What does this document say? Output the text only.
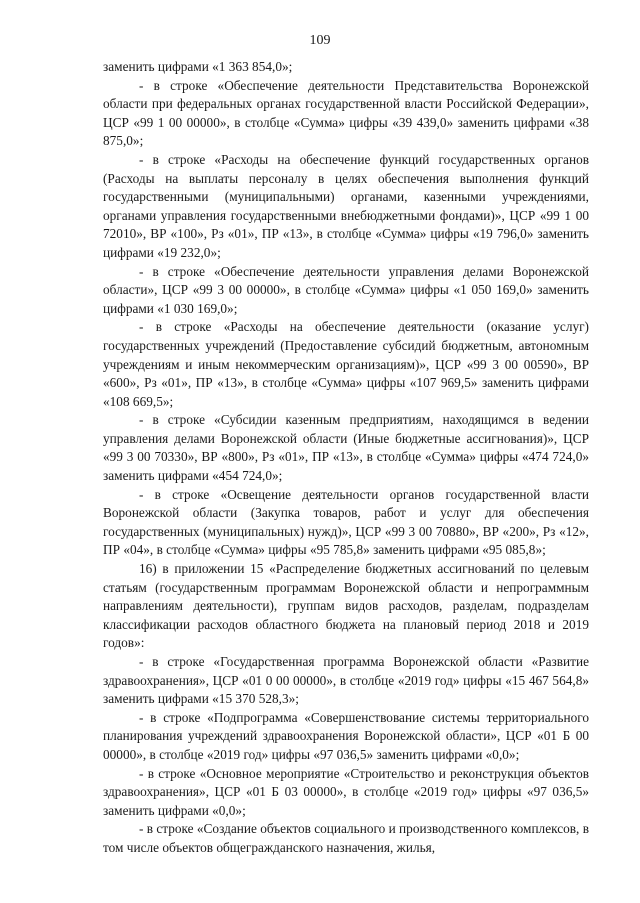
109

заменить цифрами «1 363 854,0»;

- в строке «Обеспечение деятельности Представительства Воронежской области при федеральных органах государственной власти Российской Федерации», ЦСР «99 1 00 00000», в столбце «Сумма» цифры «39 439,0» заменить цифрами «38 875,0»;

- в строке «Расходы на обеспечение функций государственных органов (Расходы на выплаты персоналу в целях обеспечения выполнения функций государственными (муниципальными) органами, казенными учреждениями, органами управления государственными внебюджетными фондами)», ЦСР «99 1 00 72010», ВР «100», Рз «01», ПР «13», в столбце «Сумма» цифры «19 796,0» заменить цифрами «19 232,0»;

- в строке «Обеспечение деятельности управления делами Воронежской области», ЦСР «99 3 00 00000», в столбце «Сумма» цифры «1 050 169,0» заменить цифрами «1 030 169,0»;

- в строке «Расходы на обеспечение деятельности (оказание услуг) государственных учреждений (Предоставление субсидий бюджетным, автономным учреждениям и иным некоммерческим организациям)», ЦСР «99 3 00 00590», ВР «600», Рз «01», ПР «13», в столбце «Сумма» цифры «107 969,5» заменить цифрами «108 669,5»;

- в строке «Субсидии казенным предприятиям, находящимся в ведении управления делами Воронежской области (Иные бюджетные ассигнования)», ЦСР «99 3 00 70330», ВР «800», Рз «01», ПР «13», в столбце «Сумма» цифры «474 724,0» заменить цифрами «454 724,0»;

- в строке «Освещение деятельности органов государственной власти Воронежской области (Закупка товаров, работ и услуг для обеспечения государственных (муниципальных) нужд)», ЦСР «99 3 00 70880», ВР «200», Рз «12», ПР «04», в столбце «Сумма» цифры «95 785,8» заменить цифрами «95 085,8»;

16) в приложении 15 «Распределение бюджетных ассигнований по целевым статьям (государственным программам Воронежской области и непрограммным направлениям деятельности), группам видов расходов, разделам, подразделам классификации расходов областного бюджета на плановый период 2018 и 2019 годов»:

- в строке «Государственная программа Воронежской области «Развитие здравоохранения», ЦСР «01 0 00 00000», в столбце «2019 год» цифры «15 467 564,8» заменить цифрами «15 370 528,3»;

- в строке «Подпрограмма «Совершенствование системы территориального планирования учреждений здравоохранения Воронежской области», ЦСР «01 Б 00 00000», в столбце «2019 год» цифры «97 036,5» заменить цифрами «0,0»;

- в строке «Основное мероприятие «Строительство и реконструкция объектов здравоохранения», ЦСР «01 Б 03 00000», в столбце «2019 год» цифры «97 036,5» заменить цифрами «0,0»;

- в строке «Создание объектов социального и производственного комплексов, в том числе объектов общегражданского назначения, жилья,
